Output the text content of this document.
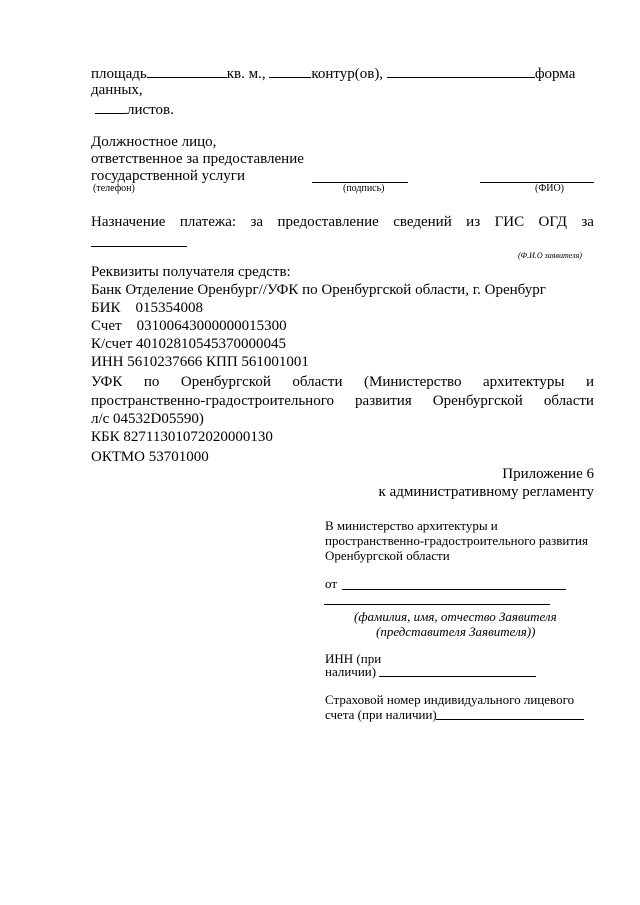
площадь	кв. м.,	контур(ов),	форма
данных,
листов.
Должностное лицо,
ответственное за предоставление
государственной услуги
(телефон)	(подпись)	(ФИО)
Назначение платежа: за предоставление сведений из ГИС ОГД за
(Ф.И.О заявителя)
Реквизиты получателя средств:
Банк Отделение Оренбург//УФК по Оренбургской области, г. Оренбург
БИК    015354008
Счет    03100643000000015300
К/счет 40102810545370000045
ИНН 5610237666 КПП 561001001
УФК по Оренбургской области (Министерство архитектуры и
пространственно-градостроительного развития Оренбургской области
л/с 04532D05590)
КБК 82711301072020000130
ОКТМО 53701000
Приложение 6
к административному регламенту
В министерство архитектуры и
пространственно-градостроительного развития
Оренбургской области
от
(фамилия, имя, отчество Заявителя
(представителя Заявителя))
ИНН (при
наличии)
Страховой номер индивидуального лицевого
счета (при наличии)
